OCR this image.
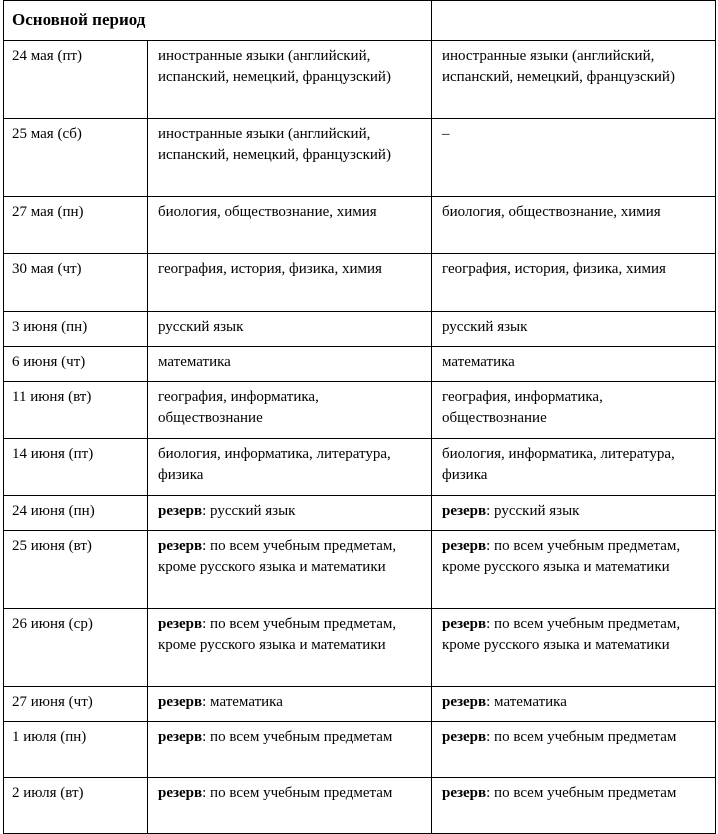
Основной период		
24 мая (пт)	иностранные языки (английский, испанский, немецкий, французский)	иностранные языки (английский, испанский, немецкий, французский)
25 мая (сб)	иностранные языки (английский, испанский, немецкий, французский)	–
27 мая (пн)	биология, обществознание, химия	биология, обществознание, химия
30 мая (чт)	география, история, физика, химия	география, история, физика, химия
3 июня (пн)	русский язык	русский язык
6 июня (чт)	математика	математика
11 июня (вт)	география, информатика, обществознание	география, информатика, обществознание
14 июня (пт)	биология, информатика, литература, физика	биология, информатика, литература, физика
24 июня (пн)	резерв: русский язык	резерв: русский язык
25 июня (вт)	резерв: по всем учебным предметам, кроме русского языка и математики	резерв: по всем учебным предметам, кроме русского языка и математики
26 июня (ср)	резерв: по всем учебным предметам, кроме русского языка и математики	резерв: по всем учебным предметам, кроме русского языка и математики
27 июня (чт)	резерв: математика	резерв: математика
1 июля (пн)	резерв: по всем учебным предметам	резерв: по всем учебным предметам
2 июля (вт)	резерв: по всем учебным предметам	резерв: по всем учебным предметам
